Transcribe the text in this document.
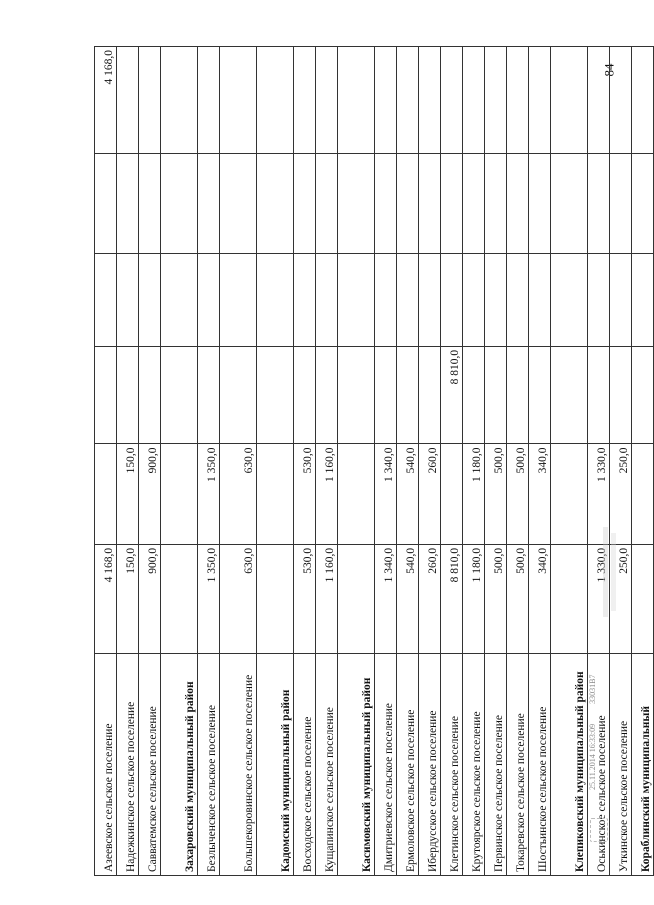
84
Азеевское сельское поселение	4 168,0					4 168,0
Надежкинское сельское поселение	150,0	150,0				
Савватемское сельское поселение	900,0	900,0				
Захаровский муниципальный район						
Безлыченское сельское поселение	1 350,0	1 350,0				
Большекоровинское сельское поселение	630,0	630,0				
Кадомский муниципальный район						
Восходское сельское поселение	530,0	530,0				
Кущапинское сельское поселение	1 160,0	1 160,0				
Касимовский муниципальный район						
Дмитриевское сельское поселение	1 340,0	1 340,0				
Ермоловское сельское поселение	540,0	540,0				
Ибердусское сельское поселение	260,0	260,0				
Клетинское сельское поселение	8 810,0		8 810,0			
Крутоярское сельское поселение	1 180,0	1 180,0				
Первинское сельское поселение	500,0	500,0				
Токаревское сельское поселение	500,0	500,0				
Шостьинское сельское поселение	340,0	340,0				
Клепиковский муниципальный район						
Оськинское сельское поселение	1 330,0	1 330,0				
Уткинское сельское поселение	250,0	250,0				
Кораблинский муниципальный						
25.11.2014 16:33:09 33031В7
